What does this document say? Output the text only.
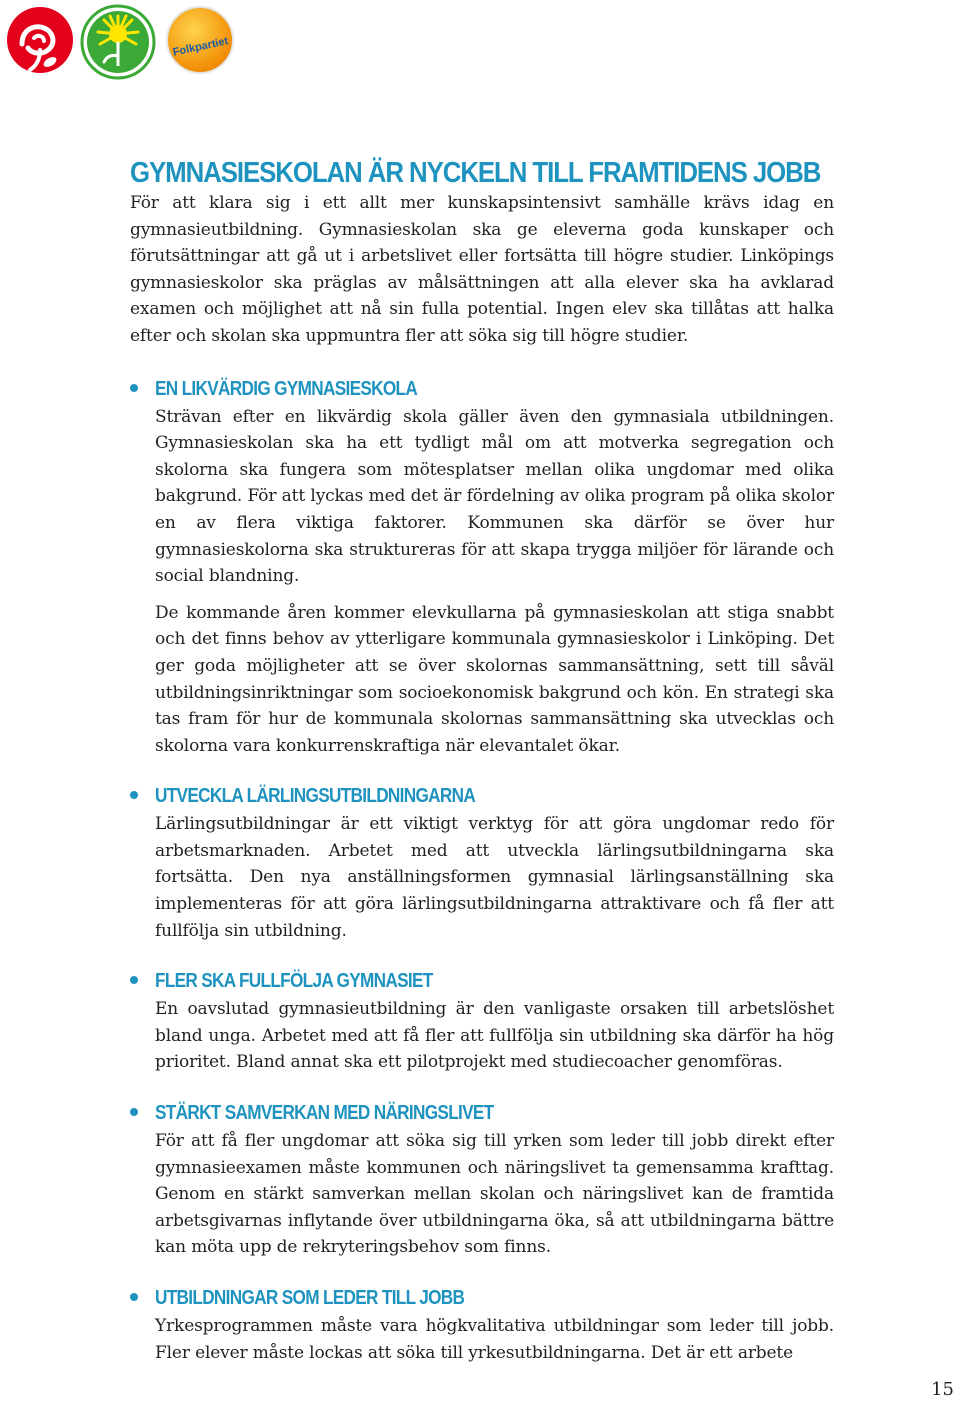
Folkpartiet
GYMNASIESKOLAN ÄR NYCKELN TILL FRAMTIDENS JOBB

För att klara sig i ett allt mer kunskapsintensivt samhälle krävs idag en gymnasieutbildning. Gymnasieskolan ska ge eleverna goda kunskaper och förutsättningar att gå ut i arbetslivet eller fortsätta till högre studier. Linköpings gymnasieskolor ska präglas av målsättningen att alla elever ska ha avklarad examen och möjlighet att nå sin fulla potential. Ingen elev ska tillåtas att halka efter och skolan ska uppmuntra fler att söka sig till högre studier.

EN LIKVÄRDIG GYMNASIESKOLA

Strävan efter en likvärdig skola gäller även den gymnasiala utbildningen. Gymnasieskolan ska ha ett tydligt mål om att motverka segregation och skolorna ska fungera som mötesplatser mellan olika ungdomar med olika bakgrund. För att lyckas med det är fördelning av olika program på olika skolor en av flera viktiga faktorer. Kommunen ska därför se över hur gymnasieskolorna ska struktureras för att skapa trygga miljöer för lärande och social blandning.

De kommande åren kommer elevkullarna på gymnasieskolan att stiga snabbt och det finns behov av ytterligare kommunala gymnasieskolor i Linköping. Det ger goda möjligheter att se över skolornas sammansättning, sett till såväl utbildningsinriktningar som socioekonomisk bakgrund och kön. En strategi ska tas fram för hur de kommunala skolornas sammansättning ska utvecklas och skolorna vara konkurrenskraftiga när elevantalet ökar.

UTVECKLA LÄRLINGSUTBILDNINGARNA

Lärlingsutbildningar är ett viktigt verktyg för att göra ungdomar redo för arbetsmarknaden. Arbetet med att utveckla lärlingsutbildningarna ska fortsätta. Den nya anställningsformen gymnasial lärlingsanställning ska implementeras för att göra lärlingsutbildningarna attraktivare och få fler att fullfölja sin utbildning.

FLER SKA FULLFÖLJA GYMNASIET

En oavslutad gymnasieutbildning är den vanligaste orsaken till arbetslöshet bland unga. Arbetet med att få fler att fullfölja sin utbildning ska därför ha hög prioritet. Bland annat ska ett pilotprojekt med studiecoacher genomföras.

STÄRKT SAMVERKAN MED NÄRINGSLIVET

För att få fler ungdomar att söka sig till yrken som leder till jobb direkt efter gymnasieexamen måste kommunen och näringslivet ta gemensamma krafttag. Genom en stärkt samverkan mellan skolan och näringslivet kan de framtida arbetsgivarnas inflytande över utbildningarna öka, så att utbildningarna bättre kan möta upp de rekryteringsbehov som finns.

UTBILDNINGAR SOM LEDER TILL JOBB

Yrkesprogrammen måste vara högkvalitativa utbildningar som leder till jobb. Fler elever måste lockas att söka till yrkesutbildningarna. Det är ett arbete

15
